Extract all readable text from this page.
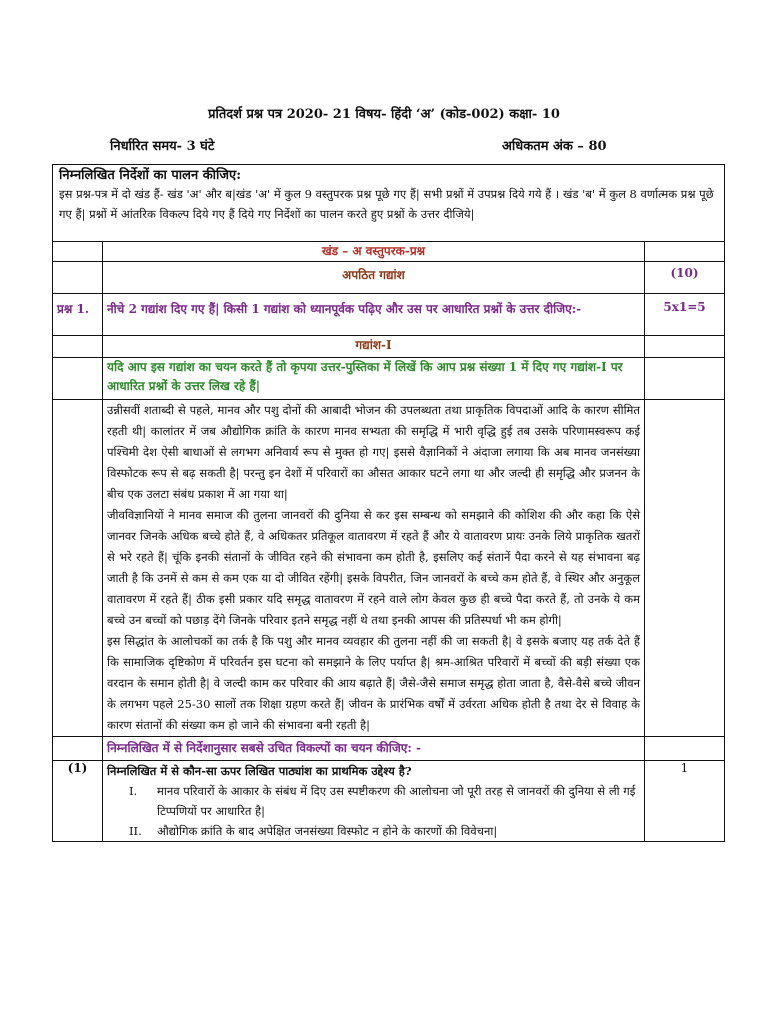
प्रतिदर्श प्रश्न पत्र 2020- 21 विषय- हिंदी ‘अ’ (कोड-002) कक्षा- 10
निर्धारित समय- 3 घंटे	अधिकतम अंक – 80
निम्नलिखित निर्देशों का पालन कीजिए:
इस प्रश्न-पत्र में दो खंड हैं- खंड 'अ' और ब|खंड 'अ' में कुल 9 वस्तुपरक प्रश्न पूछे गए हैं| सभी प्रश्नों में उपप्रश्न दिये गये हैं । खंड 'ब' में कुल 8 वर्णात्मक प्रश्न पूछे गए हैं| प्रश्नों में आंतरिक विकल्प दिये गए हैं दिये गए निर्देशों का पालन करते हुए प्रश्नों के उत्तर दीजिये|
	खंड – अ वस्तुपरक-प्रश्न	
	अपठित गद्यांश	(10)
प्रश्न 1.	नीचे 2 गद्यांश दिए गए हैं| किसी 1 गद्यांश को ध्यानपूर्वक पढ़िए और उस पर आधारित प्रश्नों के उत्तर दीजिए:-	5x1=5
	गद्यांश-I	
	यदि आप इस गद्यांश का चयन करते हैं तो कृपया उत्तर-पुस्तिका में लिखें कि आप प्रश्न संख्या 1 में दिए गए गद्यांश-I पर आधारित प्रश्नों के उत्तर लिख रहे हैं|	

	उन्नीसवीं शताब्दी से पहले, मानव और पशु दोनों की आबादी भोजन की उपलब्धता तथा प्राकृतिक विपदाओं आदि के कारण सीमित रहती थी| कालांतर में जब औद्योगिक क्रांति के कारण मानव सभ्यता की समृद्धि में भारी वृद्धि हुई तब उसके परिणामस्वरूप कई पश्चिमी देश ऐसी बाधाओं से लगभग अनिवार्य रूप से मुक्त हो गए| इससे वैज्ञानिकों ने अंदाजा लगाया कि अब मानव जनसंख्या विस्फोटक रूप से बढ़ सकती है| परन्तु इन देशों में परिवारों का औसत आकार घटने लगा था और जल्दी ही समृद्धि और प्रजनन के बीच एक उलटा संबंध प्रकाश में आ गया था|
जीवविज्ञानियों ने मानव समाज की तुलना जानवरों की दुनिया से कर इस सम्बन्ध को समझाने की कोशिश की और कहा कि ऐसे जानवर जिनके अधिक बच्चे होते हैं, वे अधिकतर प्रतिकूल वातावरण में रहते हैं और ये वातावरण प्रायः उनके लिये प्राकृतिक खतरों से भरे रहते हैं| चूंकि इनकी संतानों के जीवित रहने की संभावना कम होती है, इसलिए कई संतानें पैदा करने से यह संभावना बढ़ जाती है कि उनमें से कम से कम एक या दो जीवित रहेंगी| इसके विपरीत, जिन जानवरों के बच्चे कम होते हैं, वे स्थिर और अनुकूल वातावरण में रहते हैं| ठीक इसी प्रकार यदि समृद्ध वातावरण में रहने वाले लोग केवल कुछ ही बच्चे पैदा करते हैं, तो उनके ये कम बच्चे उन बच्चों को पछाड़ देंगे जिनके परिवार इतने समृद्ध नहीं थे तथा इनकी आपस की प्रतिस्पर्धा भी कम होगी|
इस सिद्धांत के आलोचकों का तर्क है कि पशु और मानव व्यवहार की तुलना नहीं की जा सकती है| वे इसके बजाए यह तर्क देते हैं कि सामाजिक दृष्टिकोण में परिवर्तन इस घटना को समझाने के लिए पर्याप्त है| श्रम-आश्रित परिवारों में बच्चों की बड़ी संख्या एक वरदान के समान होती है| वे जल्दी काम कर परिवार की आय बढ़ाते हैं| जैसे-जैसे समाज समृद्ध होता जाता है, वैसे-वैसे बच्चे जीवन के लगभग पहले 25-30 सालों तक शिक्षा ग्रहण करते हैं| जीवन के प्रारंभिक वर्षों में उर्वरता अधिक होती है तथा देर से विवाह के कारण संतानों की संख्या कम हो जाने की संभावना बनी रहती है|	

	निम्नलिखित में से निर्देशानुसार सबसे उचित विकल्पों का चयन कीजिए: -	
(1)	निम्नलिखित में से कौन-सा ऊपर लिखित पाठ्यांश का प्राथमिक उद्देश्य है?
I. मानव परिवारों के आकार के संबंध में दिए उस स्पष्टीकरण की आलोचना जो पूरी तरह से जानवरों की दुनिया से ली गई टिप्पणियों पर आधारित है|
II. औद्योगिक क्रांति के बाद अपेक्षित जनसंख्या विस्फोट न होने के कारणों की विवेचना|	1
